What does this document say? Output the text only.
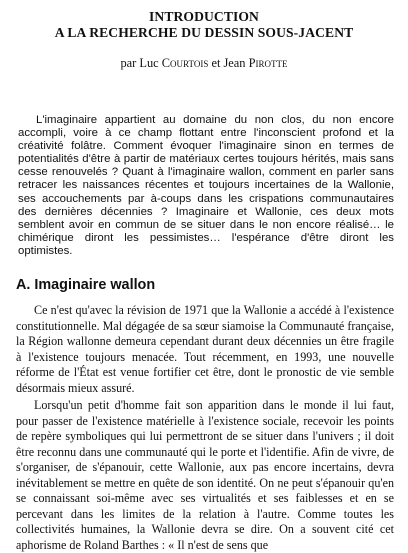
INTRODUCTION
A LA RECHERCHE DU DESSIN SOUS-JACENT
par Luc Courtois et Jean Pirotte

L'imaginaire appartient au domaine du non clos, du non encore accompli, voire à ce champ flottant entre l'inconscient profond et la créativité folâtre. Comment évoquer l'imaginaire sinon en termes de potentialités d'être à partir de matériaux certes toujours hérités, mais sans cesse renouvelés ? Quant à l'imaginaire wallon, comment en parler sans retracer les naissances récentes et toujours incertaines de la Wallonie, ses accouchements par à-coups dans les crispations communautaires des dernières décennies ? Imaginaire et Wallonie, ces deux mots semblent avoir en commun de se situer dans le non encore réalisé… le chimérique diront les pessimistes… l'espérance d'être diront les optimistes.

A. Imaginaire wallon

Ce n'est qu'avec la révision de 1971 que la Wallonie a accédé à l'existence constitutionnelle. Mal dégagée de sa sœur siamoise la Communauté française, la Région wallonne demeura cependant durant deux décennies un être fragile à l'existence toujours menacée. Tout récemment, en 1993, une nouvelle réforme de l'État est venue fortifier cet être, dont le pronostic de vie semble désormais mieux assuré.

Lorsqu'un petit d'homme fait son apparition dans le monde il lui faut, pour passer de l'existence matérielle à l'existence sociale, recevoir les points de repère symboliques qui lui permettront de se situer dans l'univers ; il doit être reconnu dans une communauté qui le porte et l'identifie. Afin de vivre, de s'organiser, de s'épanouir, cette Wallonie, aux pas encore incertains, devra inévitablement se mettre en quête de son identité. On ne peut s'épanouir qu'en se connaissant soi-même avec ses virtualités et ses faiblesses et en se percevant dans les limites de la relation à l'autre. Comme toutes les collectivités humaines, la Wallonie devra se dire. On a souvent cité cet aphorisme de Roland Barthes : « Il n'est de sens que
